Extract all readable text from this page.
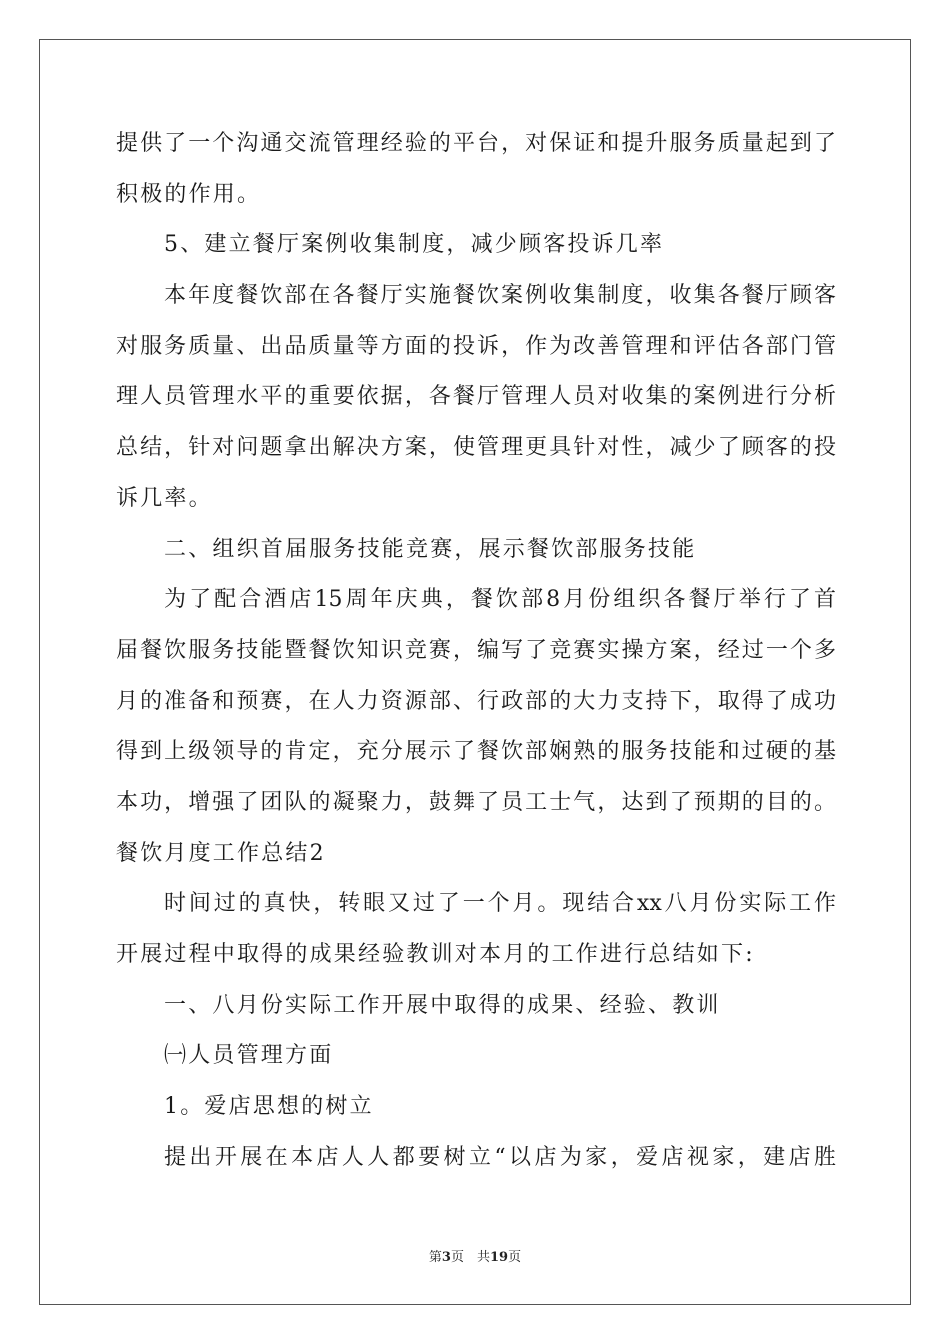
提供了一个沟通交流管理经验的平台，对保证和提升服务质量起到了
积极的作用。
5、建立餐厅案例收集制度，减少顾客投诉几率
本年度餐饮部在各餐厅实施餐饮案例收集制度，收集各餐厅顾客
对服务质量、出品质量等方面的投诉，作为改善管理和评估各部门管
理人员管理水平的重要依据，各餐厅管理人员对收集的案例进行分析
总结，针对问题拿出解决方案，使管理更具针对性，减少了顾客的投
诉几率。
二、组织首届服务技能竞赛，展示餐饮部服务技能
为了配合酒店15周年庆典，餐饮部8月份组织各餐厅举行了首
届餐饮服务技能暨餐饮知识竞赛，编写了竞赛实操方案，经过一个多
月的准备和预赛，在人力资源部、行政部的大力支持下，取得了成功
得到上级领导的肯定，充分展示了餐饮部娴熟的服务技能和过硬的基
本功，增强了团队的凝聚力，鼓舞了员工士气，达到了预期的目的。
餐饮月度工作总结2
时间过的真快，转眼又过了一个月。现结合xx八月份实际工作
开展过程中取得的成果经验教训对本月的工作进行总结如下:
一、八月份实际工作开展中取得的成果、经验、教训
㈠人员管理方面
1。爱店思想的树立
提出开展在本店人人都要树立“以店为家，爱店视家，建店胜
第3页　共19页
